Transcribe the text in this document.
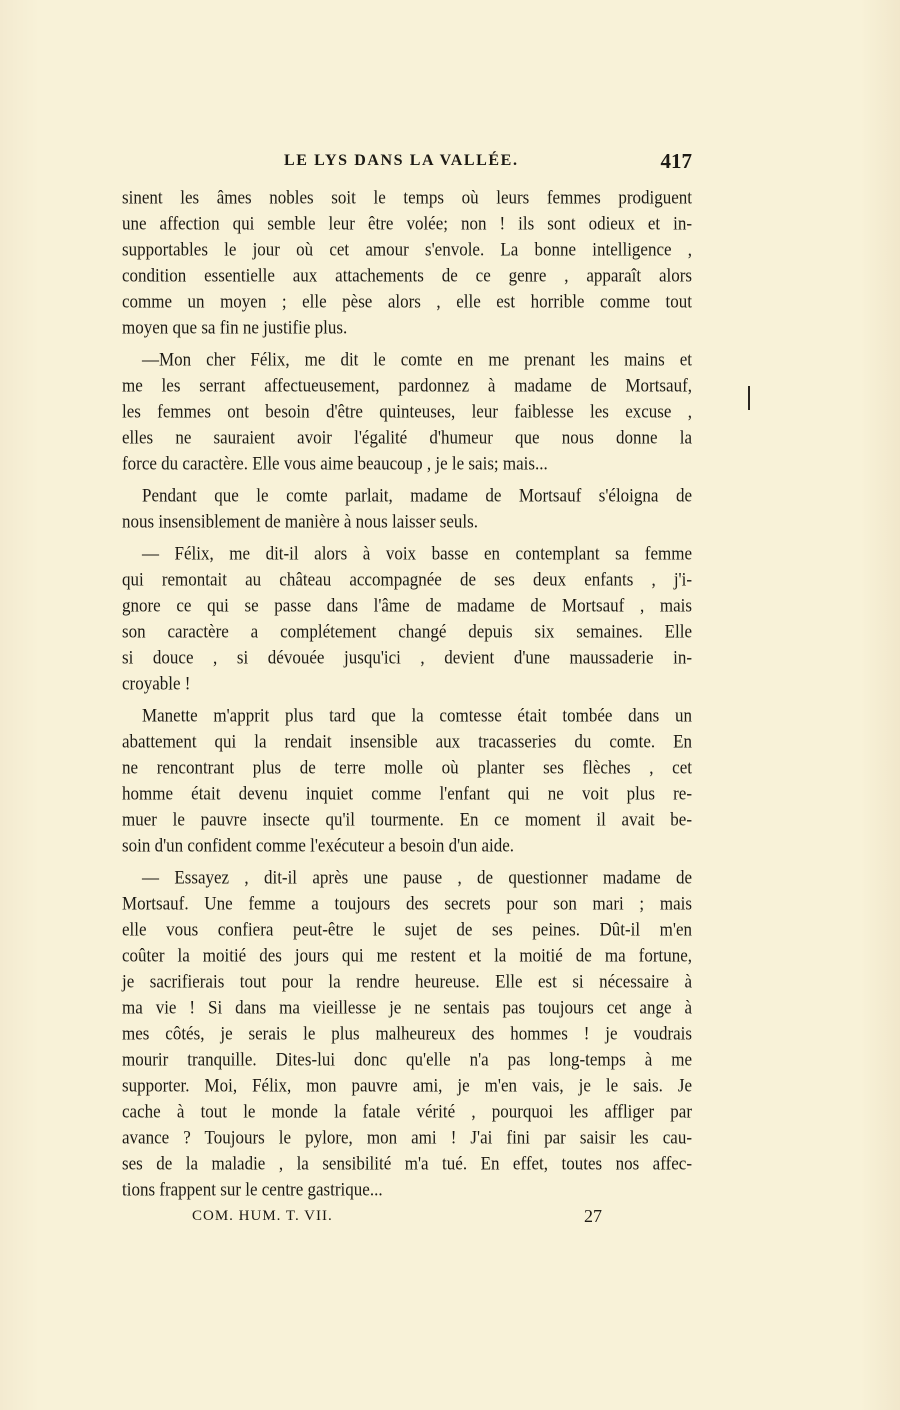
LE LYS DANS LA VALLÉE.	417
sinent les âmes nobles soit le temps où leurs femmes prodiguent
une affection qui semble leur être volée; non ! ils sont odieux et in-
supportables le jour où cet amour s'envole. La bonne intelligence ,
condition essentielle aux attachements de ce genre , apparaît alors
comme un moyen ; elle pèse alors , elle est horrible comme tout
moyen que sa fin ne justifie plus.
—Mon cher Félix, me dit le comte en me prenant les mains et
me les serrant affectueusement, pardonnez à madame de Mortsauf,
les femmes ont besoin d'être quinteuses, leur faiblesse les excuse ,
elles ne sauraient avoir l'égalité d'humeur que nous donne la
force du caractère. Elle vous aime beaucoup , je le sais; mais...
Pendant que le comte parlait, madame de Mortsauf s'éloigna de
nous insensiblement de manière à nous laisser seuls.
— Félix, me dit-il alors à voix basse en contemplant sa femme
qui remontait au château accompagnée de ses deux enfants , j'i-
gnore ce qui se passe dans l'âme de madame de Mortsauf , mais
son caractère a complétement changé depuis six semaines. Elle
si douce , si dévouée jusqu'ici , devient d'une maussaderie in-
croyable !
Manette m'apprit plus tard que la comtesse était tombée dans un
abattement qui la rendait insensible aux tracasseries du comte. En
ne rencontrant plus de terre molle où planter ses flèches , cet
homme était devenu inquiet comme l'enfant qui ne voit plus re-
muer le pauvre insecte qu'il tourmente. En ce moment il avait be-
soin d'un confident comme l'exécuteur a besoin d'un aide.
— Essayez , dit-il après une pause , de questionner madame de
Mortsauf. Une femme a toujours des secrets pour son mari ; mais
elle vous confiera peut-être le sujet de ses peines. Dût-il m'en
coûter la moitié des jours qui me restent et la moitié de ma fortune,
je sacrifierais tout pour la rendre heureuse. Elle est si nécessaire à
ma vie ! Si dans ma vieillesse je ne sentais pas toujours cet ange à
mes côtés, je serais le plus malheureux des hommes ! je voudrais
mourir tranquille. Dites-lui donc qu'elle n'a pas long-temps à me
supporter. Moi, Félix, mon pauvre ami, je m'en vais, je le sais. Je
cache à tout le monde la fatale vérité , pourquoi les affliger par
avance ? Toujours le pylore, mon ami ! J'ai fini par saisir les cau-
ses de la maladie , la sensibilité m'a tué. En effet, toutes nos affec-
tions frappent sur le centre gastrique...
COM. HUM. T. VII.	27
